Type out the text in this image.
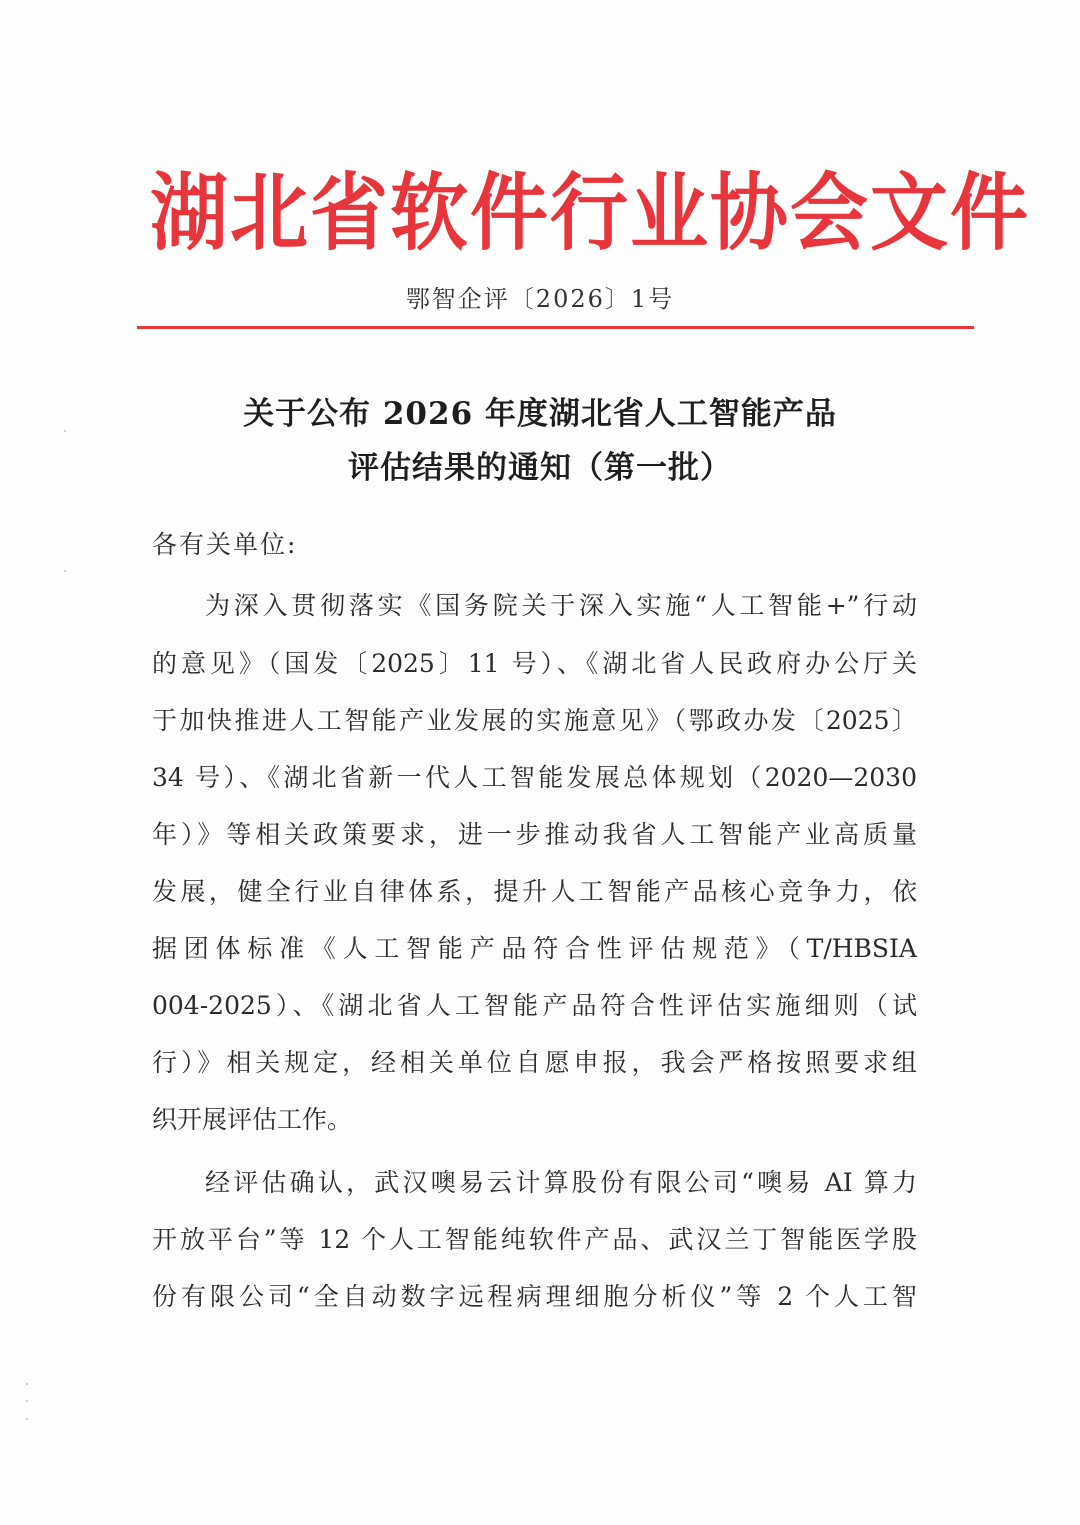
湖北省软件行业协会文件
鄂智企评〔2026〕1号
关于公布 2026 年度湖北省人工智能产品
评估结果的通知（第一批）
各有关单位:
为深入贯彻落实《国务院关于深入实施“人工智能+”行动
的意见》（国发〔2025〕11 号）、《湖北省人民政府办公厅关
于加快推进人工智能产业发展的实施意见》（鄂政办发〔2025〕
34 号）、《湖北省新一代人工智能发展总体规划（2020—2030
年）》等相关政策要求，进一步推动我省人工智能产业高质量
发展，健全行业自律体系，提升人工智能产品核心竞争力，依
据团体标准《人工智能产品符合性评估规范》（T/HBSIA
004-2025）、《湖北省人工智能产品符合性评估实施细则（试
行）》相关规定，经相关单位自愿申报，我会严格按照要求组
织开展评估工作。
经评估确认，武汉噢易云计算股份有限公司“噢易 AI 算力
开放平台”等 12 个人工智能纯软件产品、武汉兰丁智能医学股
份有限公司“全自动数字远程病理细胞分析仪”等 2 个人工智
